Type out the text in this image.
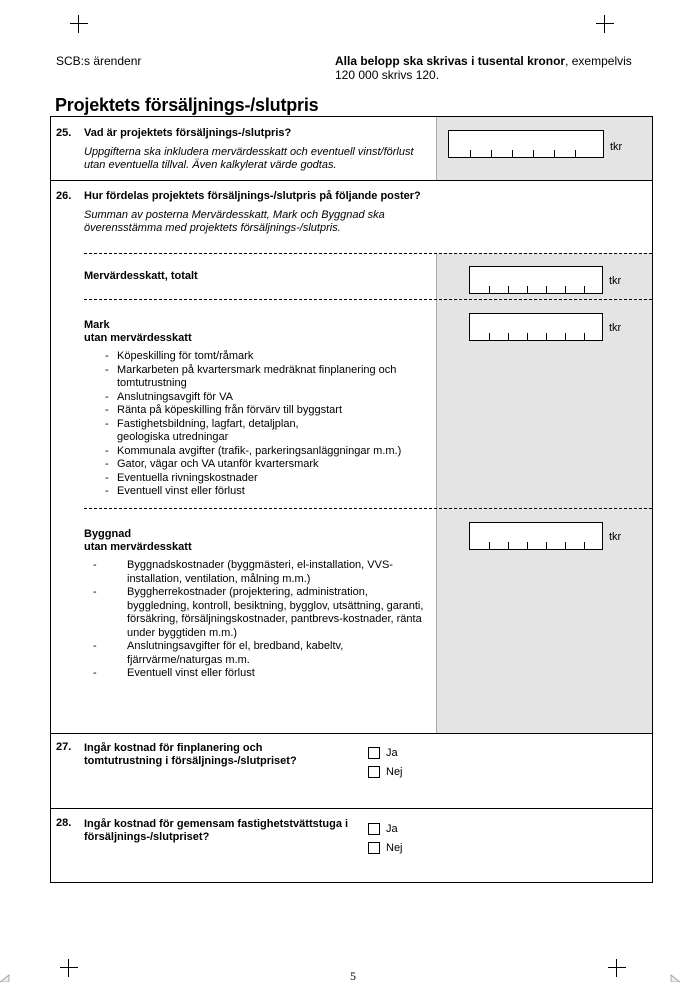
SCB:s ärendenr	Alla belopp ska skrivas i tusental kronor, exempelvis 120 000 skrivs 120.
Projektets försäljnings-/slutpris
25. Vad är projektets försäljnings-/slutpris?
Uppgifterna ska inkludera mervärdesskatt och eventuell vinst/förlust utan eventuella tillval. Även kalkylerat värde godtas.
tkr
26. Hur fördelas projektets försäljnings-/slutpris på följande poster?
Summan av posterna Mervärdesskatt, Mark och Byggnad ska överensstämma med projektets försäljnings-/slutpris.
Mervärdesskatt, totalt	tkr
Mark
utan mervärdesskatt
tkr
- Köpeskilling för tomt/råmark
- Markarbeten på kvartersmark medräknat finplanering och tomtutrustning
- Anslutningsavgift för VA
- Ränta på köpeskilling från förvärv till byggstart
- Fastighetsbildning, lagfart, detaljplan, geologiska utredningar
- Kommunala avgifter (trafik-, parkeringsanläggningar m.m.)
- Gator, vägar och VA utanför kvartersmark
- Eventuella rivningskostnader
- Eventuell vinst eller förlust
Byggnad
utan mervärdesskatt
tkr
- Byggnadskostnader (byggmästeri, el-installation, VVS-installation, ventilation, målning m.m.)
- Byggherrekostnader (projektering, administration, byggledning, kontroll, besiktning, bygglov, utsättning, garanti, försäkring, försäljningskostnader, pantbrevs-kostnader, ränta under byggtiden m.m.)
- Anslutningsavgifter för el, bredband, kabeltv, fjärrvärme/naturgas m.m.
- Eventuell vinst eller förlust
27. Ingår kostnad för finplanering och tomtutrustning i försäljnings-/slutpriset?
Ja
Nej
28. Ingår kostnad för gemensam fastighetstvättstuga i försäljnings-/slutpriset?
Ja
Nej
5
